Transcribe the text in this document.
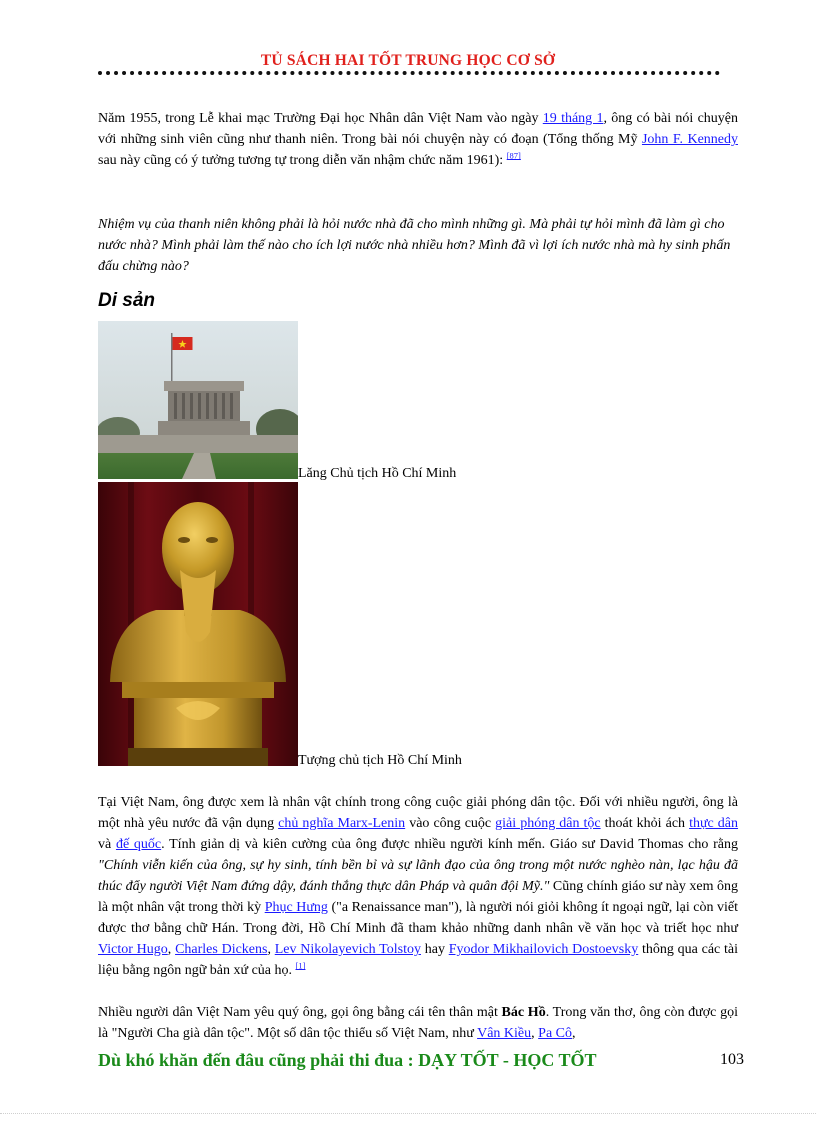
TỦ SÁCH HAI TỐT TRUNG HỌC CƠ SỞ

Năm 1955, trong Lễ khai mạc Trường Đại học Nhân dân Việt Nam vào ngày 19 tháng 1, ông có bài nói chuyện với những sinh viên cũng như thanh niên. Trong bài nói chuyện này có đoạn (Tổng thống Mỹ John F. Kennedy sau này cũng có ý tưởng tương tự trong diễn văn nhậm chức năm 1961): [87]

Nhiệm vụ của thanh niên không phải là hỏi nước nhà đã cho mình những gì. Mà phải tự hỏi mình đã làm gì cho nước nhà? Mình phải làm thế nào cho ích lợi nước nhà nhiều hơn? Mình đã vì lợi ích nước nhà mà hy sinh phấn đấu chừng nào?

Di sản
Lăng Chủ tịch Hồ Chí Minh
Tượng chủ tịch Hồ Chí Minh

Tại Việt Nam, ông được xem là nhân vật chính trong công cuộc giải phóng dân tộc. Đối với nhiều người, ông là một nhà yêu nước đã vận dụng chủ nghĩa Marx-Lenin vào công cuộc giải phóng dân tộc thoát khỏi ách thực dân và đế quốc. Tính giản dị và kiên cường của ông được nhiều người kính mến. Giáo sư David Thomas cho rằng "Chính viễn kiến của ông, sự hy sinh, tính bền bỉ và sự lãnh đạo của ông trong một nước nghèo nàn, lạc hậu đã thúc đẩy người Việt Nam đứng dậy, đánh thắng thực dân Pháp và quân đội Mỹ." Cũng chính giáo sư này xem ông là một nhân vật trong thời kỳ Phục Hưng ("a Renaissance man"), là người nói giỏi không ít ngoại ngữ, lại còn viết được thơ bằng chữ Hán. Trong đời, Hồ Chí Minh đã tham khảo những danh nhân về văn học và triết học như Victor Hugo, Charles Dickens, Lev Nikolayevich Tolstoy hay Fyodor Mikhailovich Dostoevsky thông qua các tài liệu bằng ngôn ngữ bản xứ của họ. [1]

Nhiều người dân Việt Nam yêu quý ông, gọi ông bằng cái tên thân mật Bác Hồ. Trong văn thơ, ông còn được gọi là "Người Cha già dân tộc". Một số dân tộc thiểu số Việt Nam, như Vân Kiều, Pa Cô,

Dù khó khăn đến đâu cũng phải thi đua : DẠY TỐT - HỌC TỐT	103
